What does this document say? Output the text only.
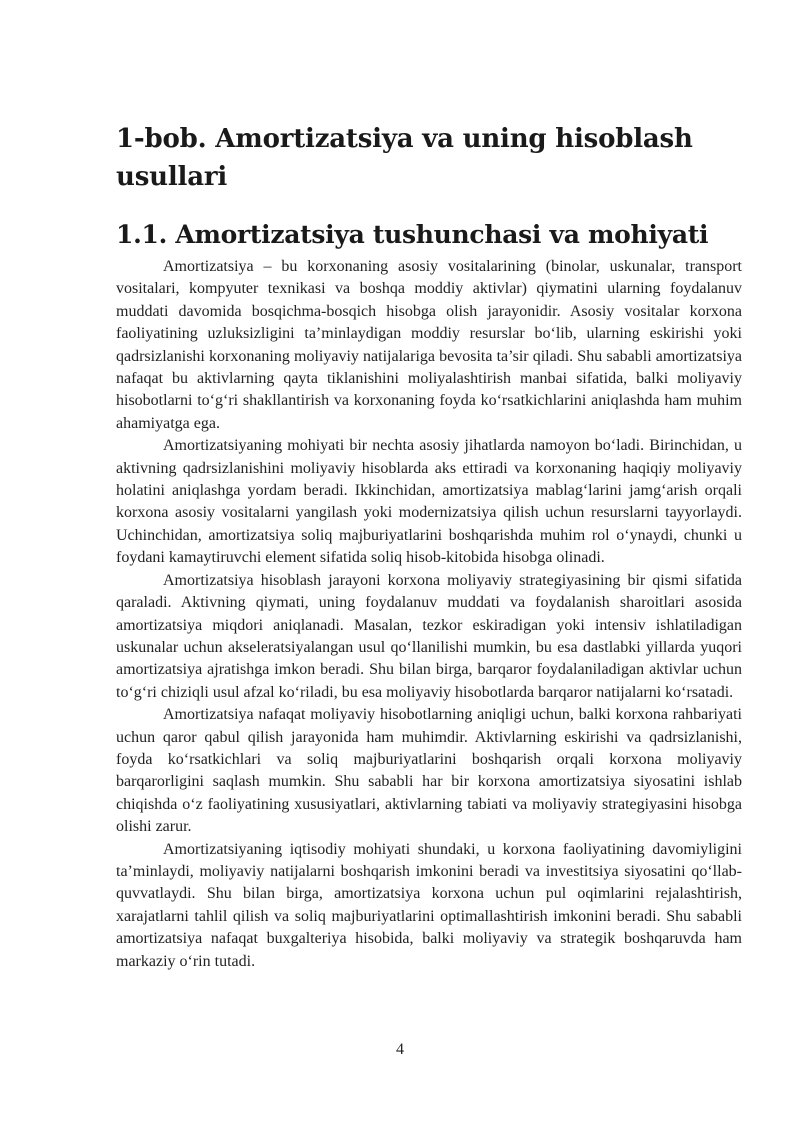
1-bob. Amortizatsiya va uning hisoblash usullari
1.1. Amortizatsiya tushunchasi va mohiyati

Amortizatsiya – bu korxonaning asosiy vositalarining (binolar, uskunalar, transport vositalari, kompyuter texnikasi va boshqa moddiy aktivlar) qiymatini ularning foydalanuv muddati davomida bosqichma-bosqich hisobga olish jarayonidir. Asosiy vositalar korxona faoliyatining uzluksizligini ta’minlaydigan moddiy resurslar bo‘lib, ularning eskirishi yoki qadrsizlanishi korxonaning moliyaviy natijalariga bevosita ta’sir qiladi. Shu sababli amortizatsiya nafaqat bu aktivlarning qayta tiklanishini moliyalashtirish manbai sifatida, balki moliyaviy hisobotlarni to‘g‘ri shakllantirish va korxonaning foyda ko‘rsatkichlarini aniqlashda ham muhim ahamiyatga ega.

Amortizatsiyaning mohiyati bir nechta asosiy jihatlarda namoyon bo‘ladi. Birinchidan, u aktivning qadrsizlanishini moliyaviy hisoblarda aks ettiradi va korxonaning haqiqiy moliyaviy holatini aniqlashga yordam beradi. Ikkinchidan, amortizatsiya mablag‘larini jamg‘arish orqali korxona asosiy vositalarni yangilash yoki modernizatsiya qilish uchun resurslarni tayyorlaydi. Uchinchidan, amortizatsiya soliq majburiyatlarini boshqarishda muhim rol o‘ynaydi, chunki u foydani kamaytiruvchi element sifatida soliq hisob-kitobida hisobga olinadi.

Amortizatsiya hisoblash jarayoni korxona moliyaviy strategiyasining bir qismi sifatida qaraladi. Aktivning qiymati, uning foydalanuv muddati va foydalanish sharoitlari asosida amortizatsiya miqdori aniqlanadi. Masalan, tezkor eskiradigan yoki intensiv ishlatiladigan uskunalar uchun akseleratsiyalangan usul qo‘llanilishi mumkin, bu esa dastlabki yillarda yuqori amortizatsiya ajratishga imkon beradi. Shu bilan birga, barqaror foydalaniladigan aktivlar uchun to‘g‘ri chiziqli usul afzal ko‘riladi, bu esa moliyaviy hisobotlarda barqaror natijalarni ko‘rsatadi.

Amortizatsiya nafaqat moliyaviy hisobotlarning aniqligi uchun, balki korxona rahbariyati uchun qaror qabul qilish jarayonida ham muhimdir. Aktivlarning eskirishi va qadrsizlanishi, foyda ko‘rsatkichlari va soliq majburiyatlarini boshqarish orqali korxona moliyaviy barqarorligini saqlash mumkin. Shu sababli har bir korxona amortizatsiya siyosatini ishlab chiqishda o‘z faoliyatining xususiyatlari, aktivlarning tabiati va moliyaviy strategiyasini hisobga olishi zarur.

Amortizatsiyaning iqtisodiy mohiyati shundaki, u korxona faoliyatining davomiyligini ta’minlaydi, moliyaviy natijalarni boshqarish imkonini beradi va investitsiya siyosatini qo‘llab-quvvatlaydi. Shu bilan birga, amortizatsiya korxona uchun pul oqimlarini rejalashtirish, xarajatlarni tahlil qilish va soliq majburiyatlarini optimallashtirish imkonini beradi. Shu sababli amortizatsiya nafaqat buxgalteriya hisobida, balki moliyaviy va strategik boshqaruvda ham markaziy o‘rin tutadi.

4
